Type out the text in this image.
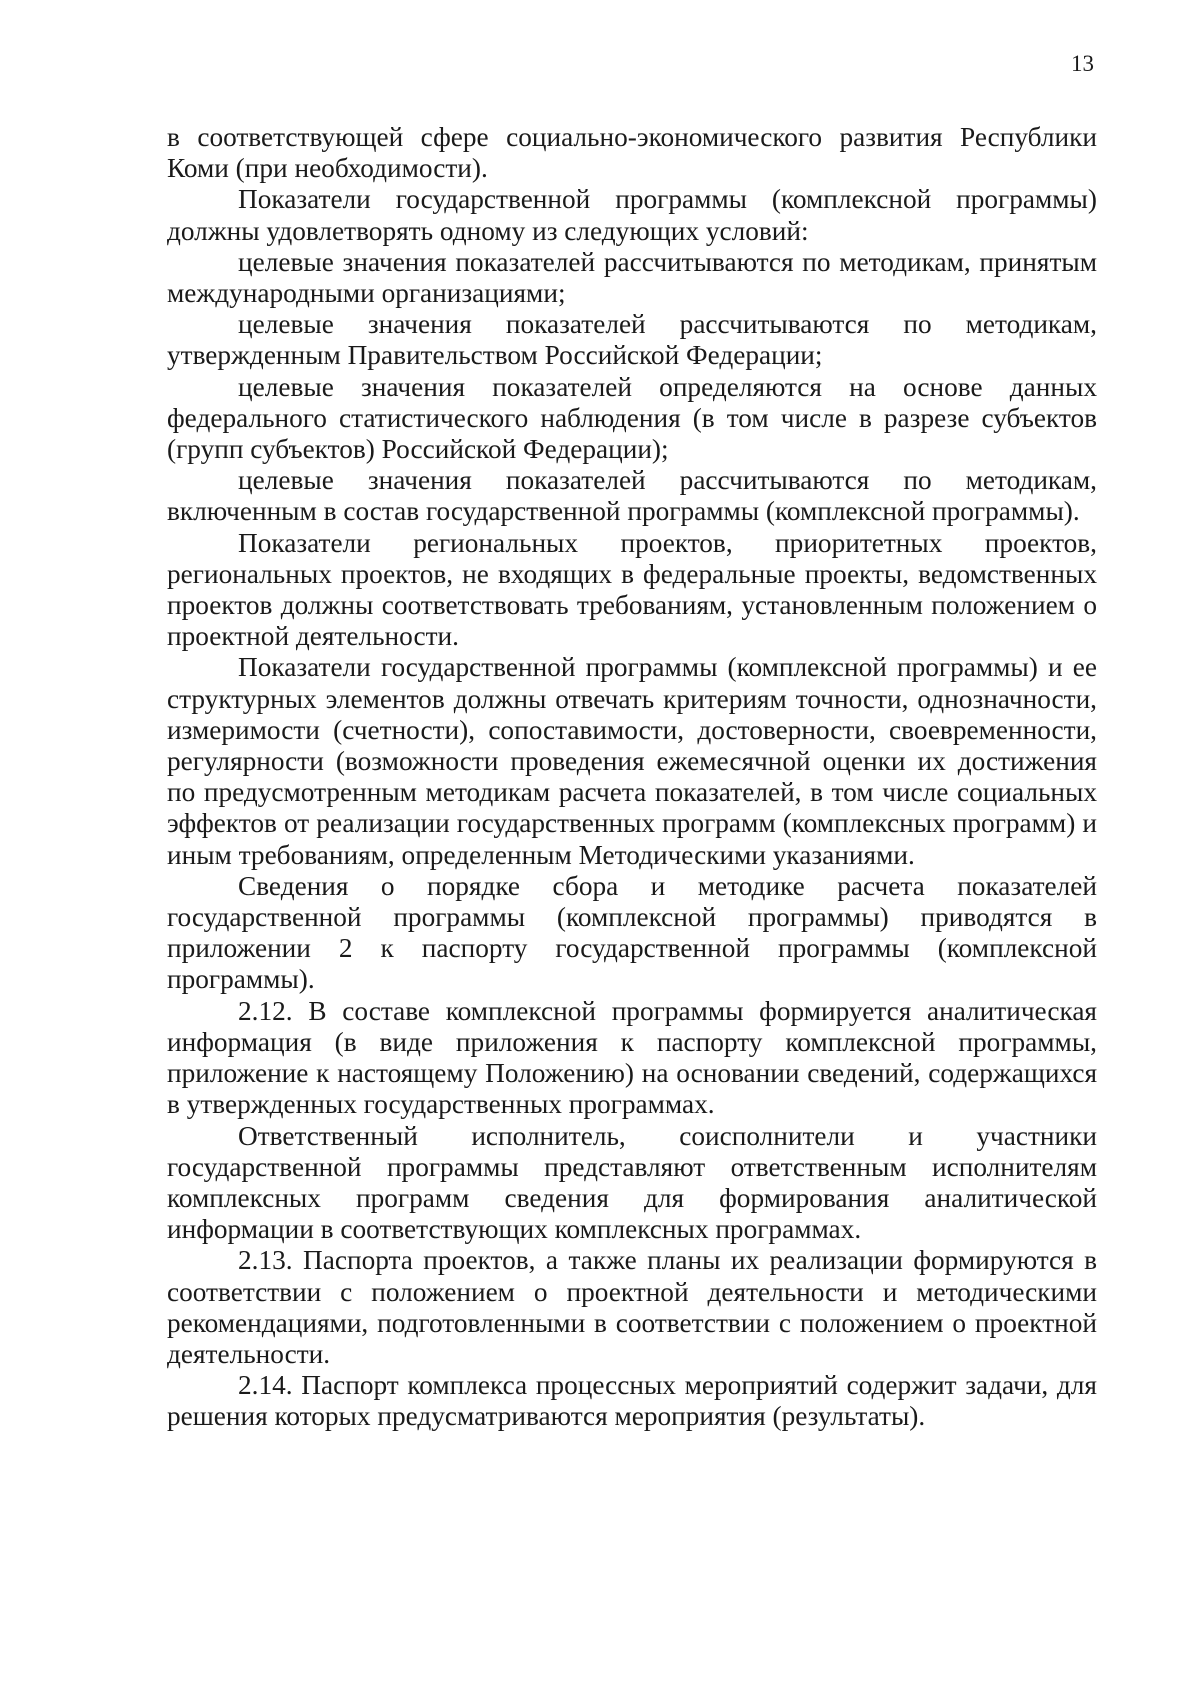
13

в соответствующей сфере социально-экономического развития Республики Коми (при необходимости).

Показатели государственной программы (комплексной программы) должны удовлетворять одному из следующих условий:

целевые значения показателей рассчитываются по методикам, принятым международными организациями;

целевые значения показателей рассчитываются по методикам, утвержденным Правительством Российской Федерации;

целевые значения показателей определяются на основе данных федерального статистического наблюдения (в том числе в разрезе субъектов (групп субъектов) Российской Федерации);

целевые значения показателей рассчитываются по методикам, включенным в состав государственной программы (комплексной программы).

Показатели региональных проектов, приоритетных проектов, региональных проектов, не входящих в федеральные проекты, ведомственных проектов должны соответствовать требованиям, установленным положением о проектной деятельности.

Показатели государственной программы (комплексной программы) и ее структурных элементов должны отвечать критериям точности, однозначности, измеримости (счетности), сопоставимости, достоверности, своевременности, регулярности (возможности проведения ежемесячной оценки их достижения по предусмотренным методикам расчета показателей, в том числе социальных эффектов от реализации государственных программ (комплексных программ) и иным требованиям, определенным Методическими указаниями.

Сведения о порядке сбора и методике расчета показателей государственной программы (комплексной программы) приводятся в приложении 2 к паспорту государственной программы (комплексной программы).

2.12. В составе комплексной программы формируется аналитическая информация (в виде приложения к паспорту комплексной программы, приложение к настоящему Положению) на основании сведений, содержащихся в утвержденных государственных программах.

Ответственный исполнитель, соисполнители и участники государственной программы представляют ответственным исполнителям комплексных программ сведения для формирования аналитической информации в соответствующих комплексных программах.

2.13. Паспорта проектов, а также планы их реализации формируются в соответствии с положением о проектной деятельности и методическими рекомендациями, подготовленными в соответствии с положением о проектной деятельности.

2.14. Паспорт комплекса процессных мероприятий содержит задачи, для решения которых предусматриваются мероприятия (результаты).
